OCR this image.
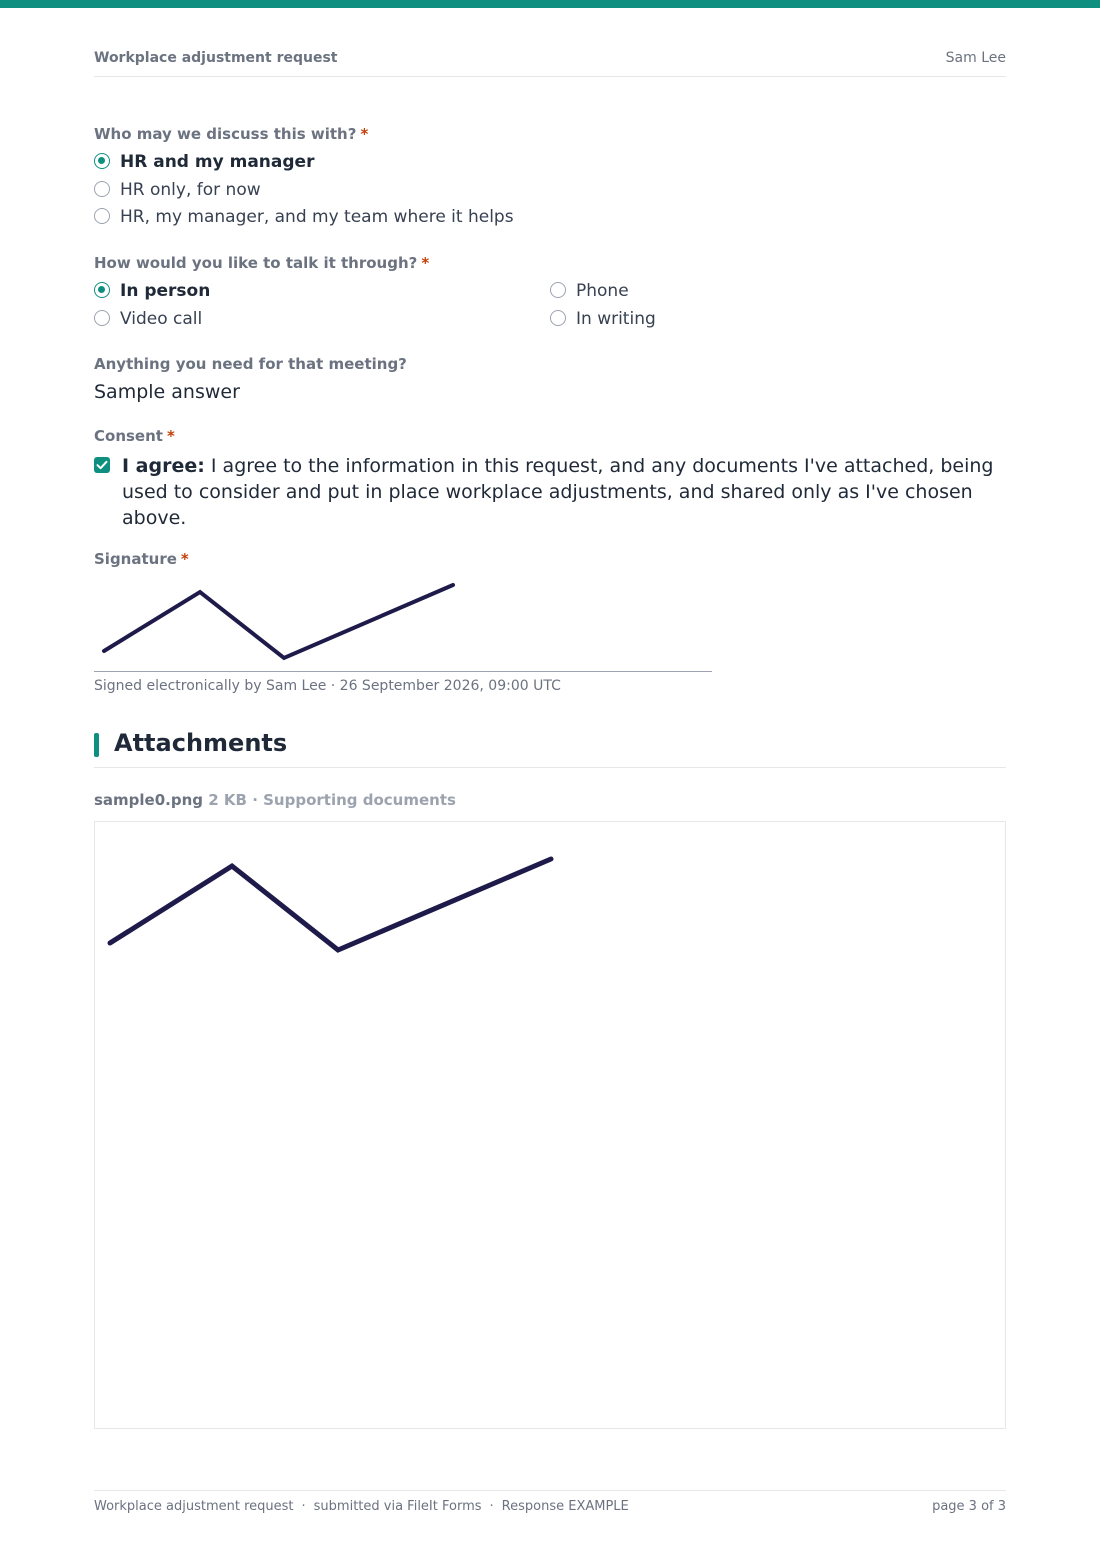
Workplace adjustment request	Sam Lee
Who may we discuss this with? *
HR and my manager
HR only, for now
HR, my manager, and my team where it helps
How would you like to talk it through? *
In person
Video call
Phone
In writing
Anything you need for that meeting?
Sample answer
Consent *
I agree: I agree to the information in this request, and any documents I've attached, being used to consider and put in place workplace adjustments, and shared only as I've chosen above.
Signature *
Signed electronically by Sam Lee · 26 September 2026, 09:00 UTC
Attachments
sample0.png 2 KB · Supporting documents
Workplace adjustment request · submitted via FileIt Forms · Response EXAMPLE	page 3 of 3
